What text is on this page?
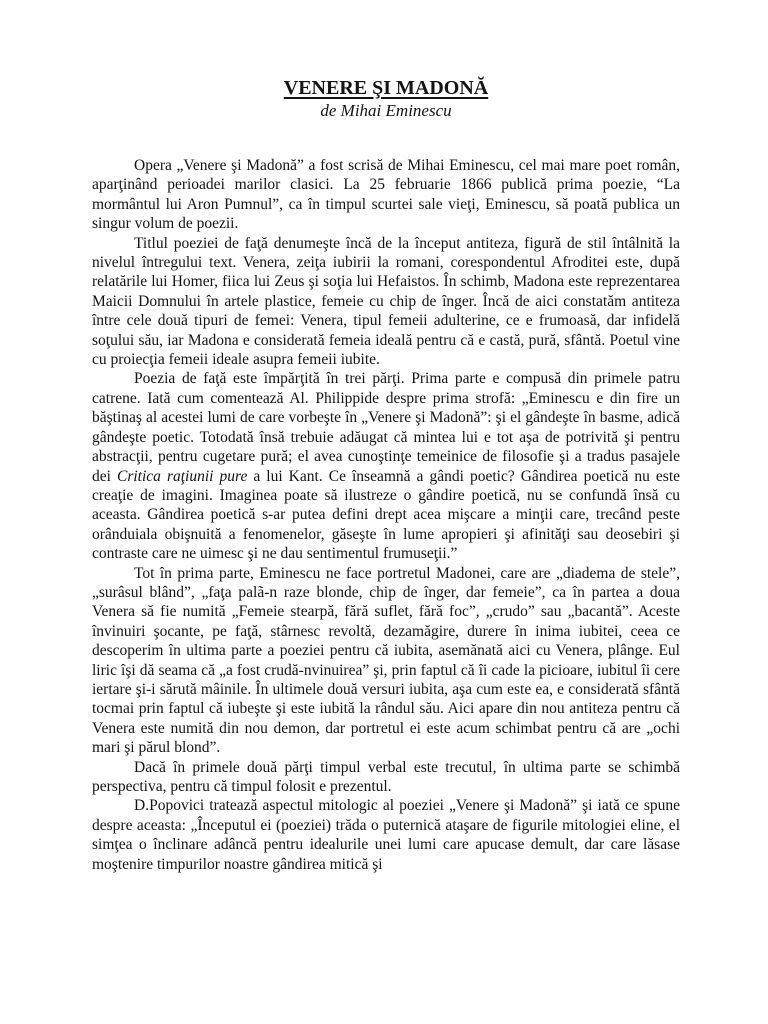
VENERE ŞI MADONĂ

de Mihai Eminescu

Opera „Venere şi Madonă” a fost scrisă de Mihai Eminescu, cel mai mare poet român, aparţinând perioadei marilor clasici. La 25 februarie 1866 publică prima poezie, “La mormântul lui Aron Pumnul”, ca în timpul scurtei sale vieţi, Eminescu, să poată publica un singur volum de poezii.

Titlul poeziei de faţă denumeşte încă de la început antiteza, figură de stil întâlnită la nivelul întregului text. Venera, zeiţa iubirii la romani, corespondentul Afroditei este, după relatările lui Homer, fiica lui Zeus şi soţia lui Hefaistos. În schimb, Madona este reprezentarea Maicii Domnului în artele plastice, femeie cu chip de înger. Încă de aici constatăm antiteza între cele două tipuri de femei: Venera, tipul femeii adulterine, ce e frumoasă, dar infidelă soţului său, iar Madona e considerată femeia ideală pentru că e castă, pură, sfântă. Poetul vine cu proiecţia femeii ideale asupra femeii iubite.

Poezia de faţă este împărţită în trei părţi. Prima parte e compusă din primele patru catrene. Iată cum comentează Al. Philippide despre prima strofă: „Eminescu e din fire un băştinaş al acestei lumi de care vorbeşte în „Venere şi Madonă”: şi el gândeşte în basme, adică gândeşte poetic. Totodată însă trebuie adăugat că mintea lui e tot aşa de potrivită şi pentru abstracţii, pentru cugetare pură; el avea cunoştinţe temeinice de filosofie şi a tradus pasajele dei Critica raţiunii pure a lui Kant. Ce înseamnă a gândi poetic? Gândirea poetică nu este creaţie de imagini. Imaginea poate să ilustreze o gândire poetică, nu se confundă însă cu aceasta. Gândirea poetică s-ar putea defini drept acea mişcare a minţii care, trecând peste orânduiala obişnuită a fenomenelor, găseşte în lume apropieri şi afinităţi sau deosebiri şi contraste care ne uimesc şi ne dau sentimentul frumuseţii.”

Tot în prima parte, Eminescu ne face portretul Madonei, care are „diadema de stele”, „surâsul blând”, „faţa palã-n raze blonde, chip de înger, dar femeie”, ca în partea a doua Venera să fie numită „Femeie stearpă, fără suflet, fără foc”, „crudo” sau „bacantă”. Aceste învinuiri şocante, pe faţă, stârnesc revoltă, dezamăgire, durere în inima iubitei, ceea ce descoperim în ultima parte a poeziei pentru că iubita, asemănată aici cu Venera, plânge. Eul liric îşi dă seama că „a fost crudă-nvinuirea” şi, prin faptul că îi cade la picioare, iubitul îi cere iertare şi-i sărută mâinile. În ultimele două versuri iubita, aşa cum este ea, e considerată sfântă tocmai prin faptul că iubeşte şi este iubită la rândul său. Aici apare din nou antiteza pentru că Venera este numită din nou demon, dar portretul ei este acum schimbat pentru că are „ochi mari şi părul blond”.

Dacă în primele două părţi timpul verbal este trecutul, în ultima parte se schimbă perspectiva, pentru că timpul folosit e prezentul.

D.Popovici tratează aspectul mitologic al poeziei „Venere şi Madonă” şi iată ce spune despre aceasta: „Începutul ei (poeziei) trăda o puternică ataşare de figurile mitologiei eline, el simţea o înclinare adâncă pentru idealurile unei lumi care apucase demult, dar care lăsase moştenire timpurilor noastre gândirea mitică şi
